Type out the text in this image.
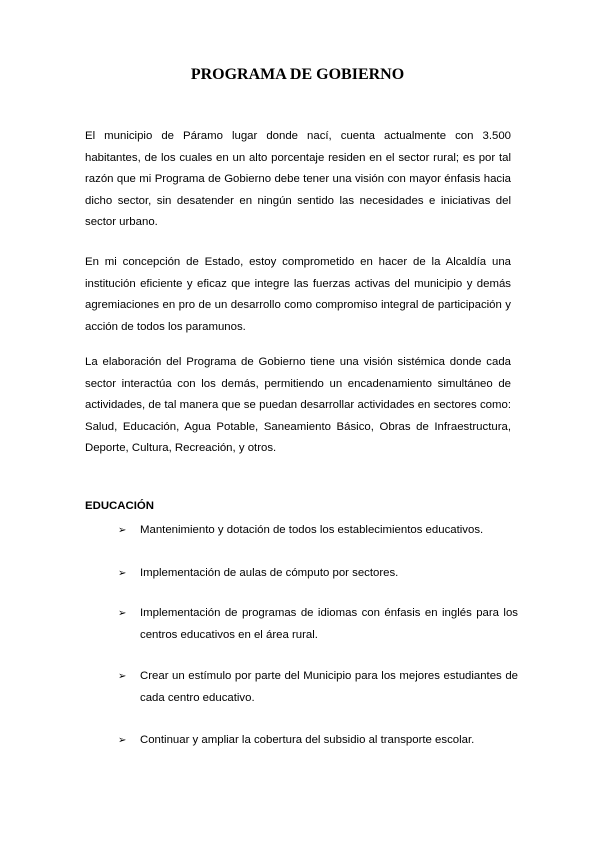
PROGRAMA DE GOBIERNO

El municipio de Páramo lugar donde nací, cuenta actualmente con 3.500 habitantes, de los cuales en un alto porcentaje residen en el sector rural; es por tal razón que mi Programa de Gobierno debe tener una visión con mayor énfasis hacia dicho sector, sin desatender en ningún sentido las necesidades e iniciativas del sector urbano.

En mi concepción de Estado, estoy comprometido en hacer de la Alcaldía una institución eficiente y eficaz que integre las fuerzas activas del municipio y demás agremiaciones en pro de un desarrollo como compromiso integral de participación y acción de todos los paramunos.

La elaboración del Programa de Gobierno tiene una visión sistémica donde cada sector interactúa con los demás, permitiendo un encadenamiento simultáneo de actividades, de tal manera que se puedan desarrollar actividades en sectores como: Salud, Educación, Agua Potable, Saneamiento Básico, Obras de Infraestructura, Deporte, Cultura, Recreación, y otros.

EDUCACIÓN
➢	Mantenimiento y dotación de todos los establecimientos educativos.
➢	Implementación de aulas de cómputo por sectores.
➢	Implementación de programas de idiomas con énfasis en inglés para los centros educativos en el área rural.
➢	Crear un estímulo por parte del Municipio para los mejores estudiantes de cada centro educativo.
➢	Continuar y ampliar la cobertura del subsidio al transporte escolar.
